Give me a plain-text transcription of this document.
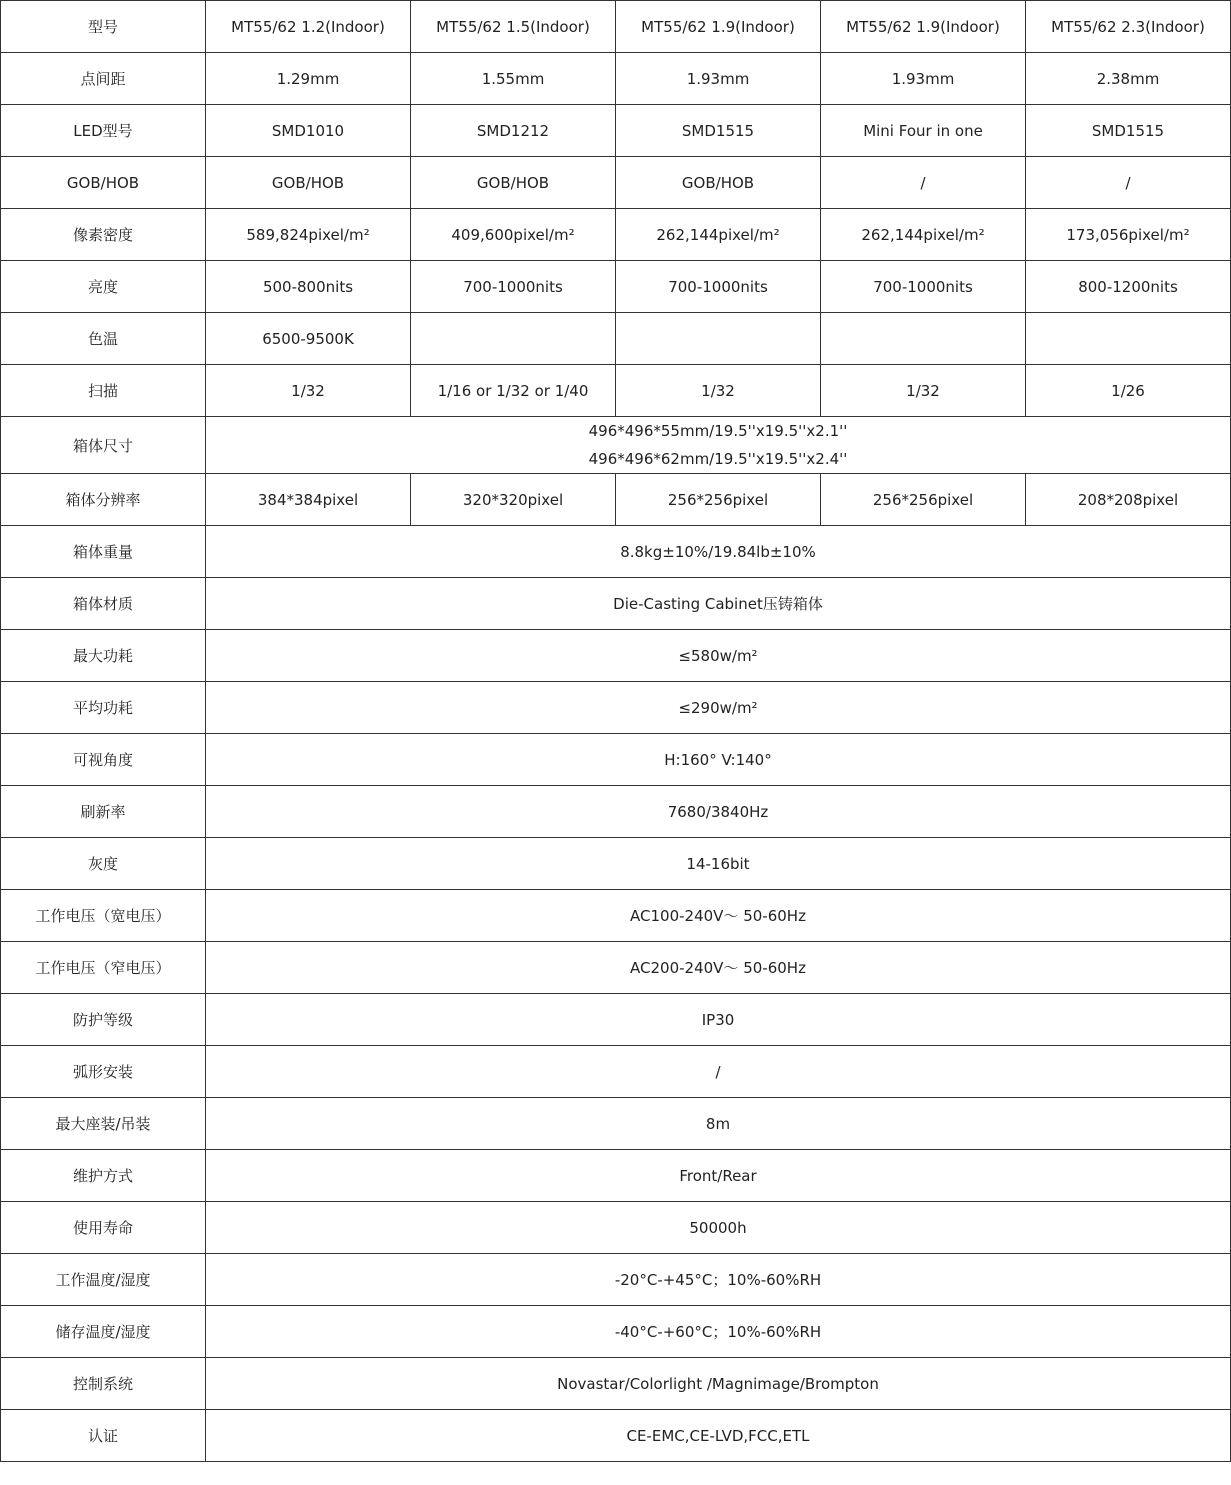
型号	MT55/62 1.2(Indoor)	MT55/62 1.5(Indoor)	MT55/62 1.9(Indoor)	MT55/62 1.9(Indoor)	MT55/62 2.3(Indoor)
点间距	1.29mm	1.55mm	1.93mm	1.93mm	2.38mm
LED型号	SMD1010	SMD1212	SMD1515	Mini Four in one	SMD1515
GOB/HOB	GOB/HOB	GOB/HOB	GOB/HOB	/	/
像素密度	589,824pixel/m²	409,600pixel/m²	262,144pixel/m²	262,144pixel/m²	173,056pixel/m²
亮度	500-800nits	700-1000nits	700-1000nits	700-1000nits	800-1200nits
色温	6500-9500K				
扫描	1/32	1/16 or 1/32 or 1/40	1/32	1/32	1/26
箱体尺寸	496*496*55mm/19.5''x19.5''x2.1''
496*496*62mm/19.5''x19.5''x2.4''				

箱体分辨率	384*384pixel	320*320pixel	256*256pixel	256*256pixel	208*208pixel
箱体重量	8.8kg±10%/19.84lb±10%				
箱体材质	Die-Casting Cabinet压铸箱体				
最大功耗	≤580w/m²				
平均功耗	≤290w/m²				
可视角度	H:160° V:140°				
刷新率	7680/3840Hz				
灰度	14-16bit				
工作电压（宽电压）	AC100-240V～ 50-60Hz				
工作电压（窄电压）	AC200-240V～ 50-60Hz				
防护等级	IP30				
弧形安装	/				
最大座装/吊装	8m				
维护方式	Front/Rear				
使用寿命	50000h				
工作温度/湿度	-20°C-+45°C；10%-60%RH				
储存温度/湿度	-40°C-+60°C；10%-60%RH				
控制系统	Novastar/Colorlight /Magnimage/Brompton				
认证	CE-EMC,CE-LVD,FCC,ETL				
